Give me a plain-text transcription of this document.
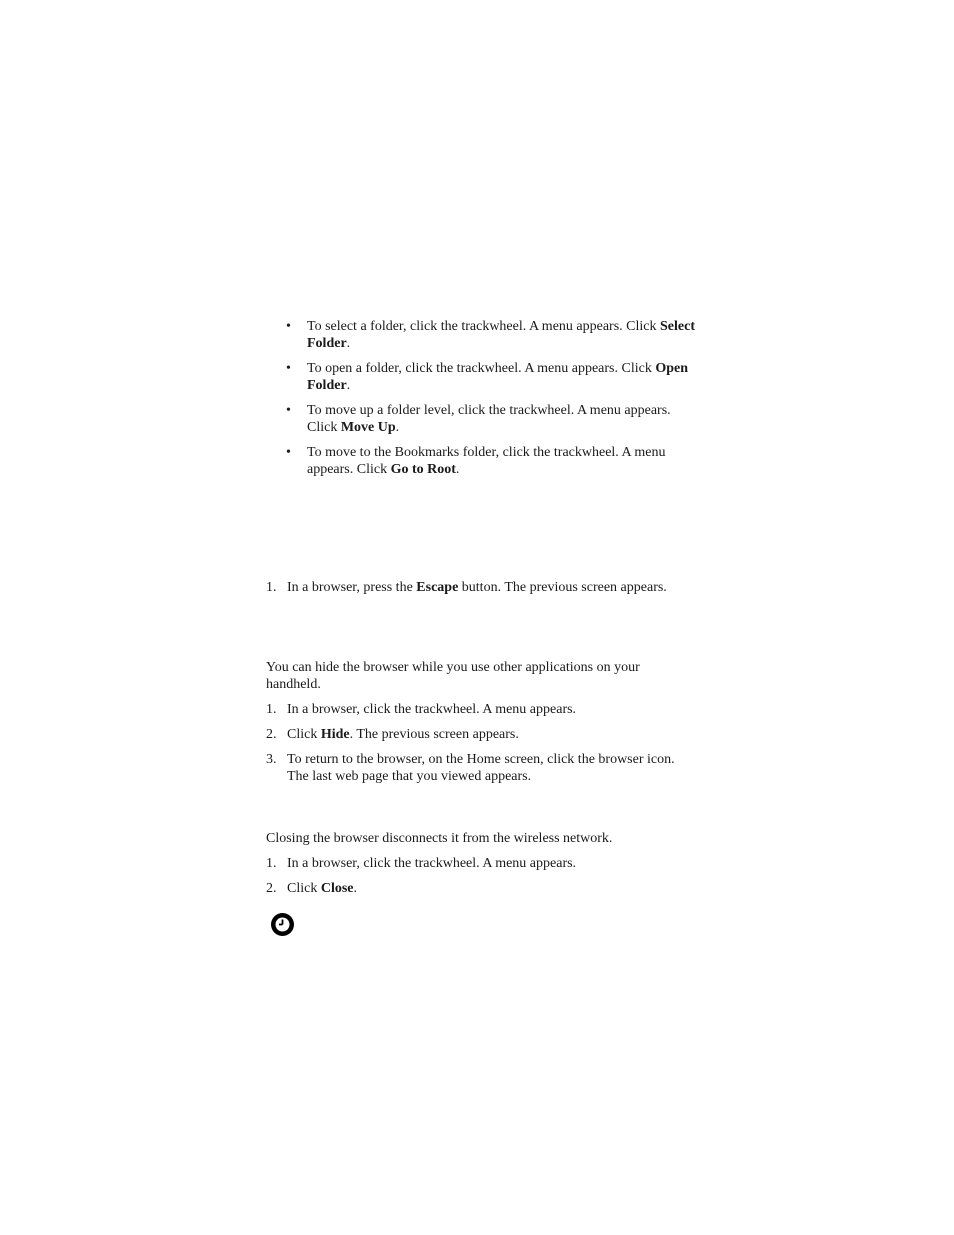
•	To select a folder, click the trackwheel. A menu appears. Click Select Folder.
•	To open a folder, click the trackwheel. A menu appears. Click Open Folder.
•	To move up a folder level, click the trackwheel. A menu appears. Click Move Up.
•	To move to the Bookmarks folder, click the trackwheel. A menu appears. Click Go to Root.
1. In a browser, press the Escape button. The previous screen appears.
You can hide the browser while you use other applications on your handheld.
1. In a browser, click the trackwheel. A menu appears.
2. Click Hide. The previous screen appears.
3. To return to the browser, on the Home screen, click the browser icon. The last web page that you viewed appears.
Closing the browser disconnects it from the wireless network.
1. In a browser, click the trackwheel. A menu appears.
2. Click Close.
